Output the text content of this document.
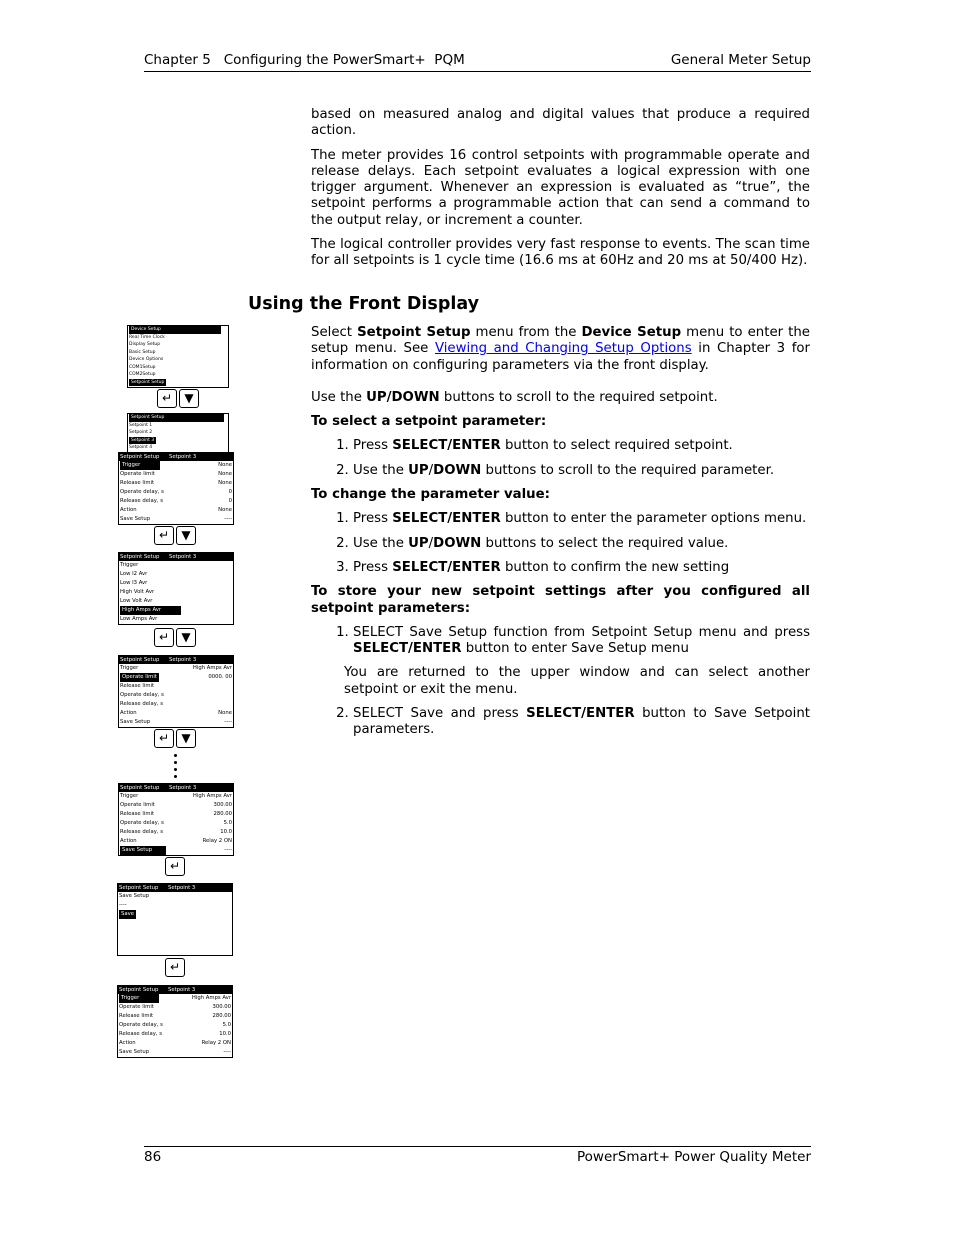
Chapter 5   Configuring the PowerSmart+  PQM	General Meter Setup

based on measured analog and digital values that produce a required action.

The meter provides 16 control setpoints with programmable operate and release delays. Each setpoint evaluates a logical expression with one trigger argument. Whenever an expression is evaluated as “true”, the setpoint performs a programmable action that can send a command to the output relay, or increment a counter.

The logical controller provides very fast response to events. The scan time for all setpoints is 1 cycle time (16.6 ms at 60Hz and 20 ms at 50/400 Hz).

Using the Front Display

Select Setpoint Setup menu from the Device Setup menu to enter the setup menu. See Viewing and Changing Setup Options in Chapter 3 for information on configuring parameters via the front display.

Use the UP/DOWN buttons to scroll to the required setpoint.

To select a setpoint parameter:

1. Press SELECT/ENTER button to select required setpoint.
2. Use the UP/DOWN buttons to scroll to the required parameter.

To change the parameter value:

1. Press SELECT/ENTER button to enter the parameter options menu.
2. Use the UP/DOWN buttons to select the required value.
3. Press SELECT/ENTER button to confirm the new setting

To store your new setpoint settings after you configured all setpoint parameters:

1. SELECT Save Setup function from Setpoint Setup menu and press SELECT/ENTER button to enter Save Setup menu

You are returned to the upper window and can select another setpoint or exit the menu.

2. SELECT Save and press SELECT/ENTER button to Save Setpoint parameters.
Device Setup
Real Time Clock
Display Setup
Basic Setup
Device Options
COM1Setup
COM2Setup
Setpoint Setup
↵	▼
Setpoint Setup
Setpoint 1
Setpoint 2
Setpoint 3
Setpoint 4
Setpoint Setup Setpoint 3
Trigger	None
Operate limit	None
Release limit	None
Operate delay, s	0
Release delay, s	0
Action	None
Save Setup	----
↵	▼
Setpoint Setup Setpoint 3
Trigger
Low I2 Avr
Low I3 Avr
High Volt Avr
Low Volt Avr
High Amps Avr
Low Amps Avr
↵	▼
Setpoint Setup Setpoint 3
Trigger	High Amps Avr
Operate limit	0000. 00
Release limit
Operate delay, s
Release delay, s
Action	None
Save Setup	----
↵	▼
Setpoint Setup Setpoint 3
Trigger	High Amps Avr
Operate limit	300.00
Release limit	280.00
Operate delay, s	5.0
Release delay, s	10.0
Action	Relay 2 ON
Save Setup	----
↵
Setpoint Setup Setpoint 3
Save Setup
----
Save
↵
Setpoint Setup Setpoint 3
Trigger	High Amps Avr
Operate limit	300.00
Release limit	280.00
Operate delay, s	5.0
Release delay, s	10.0
Action	Relay 2 ON
Save Setup	----
86	PowerSmart+ Power Quality Meter
